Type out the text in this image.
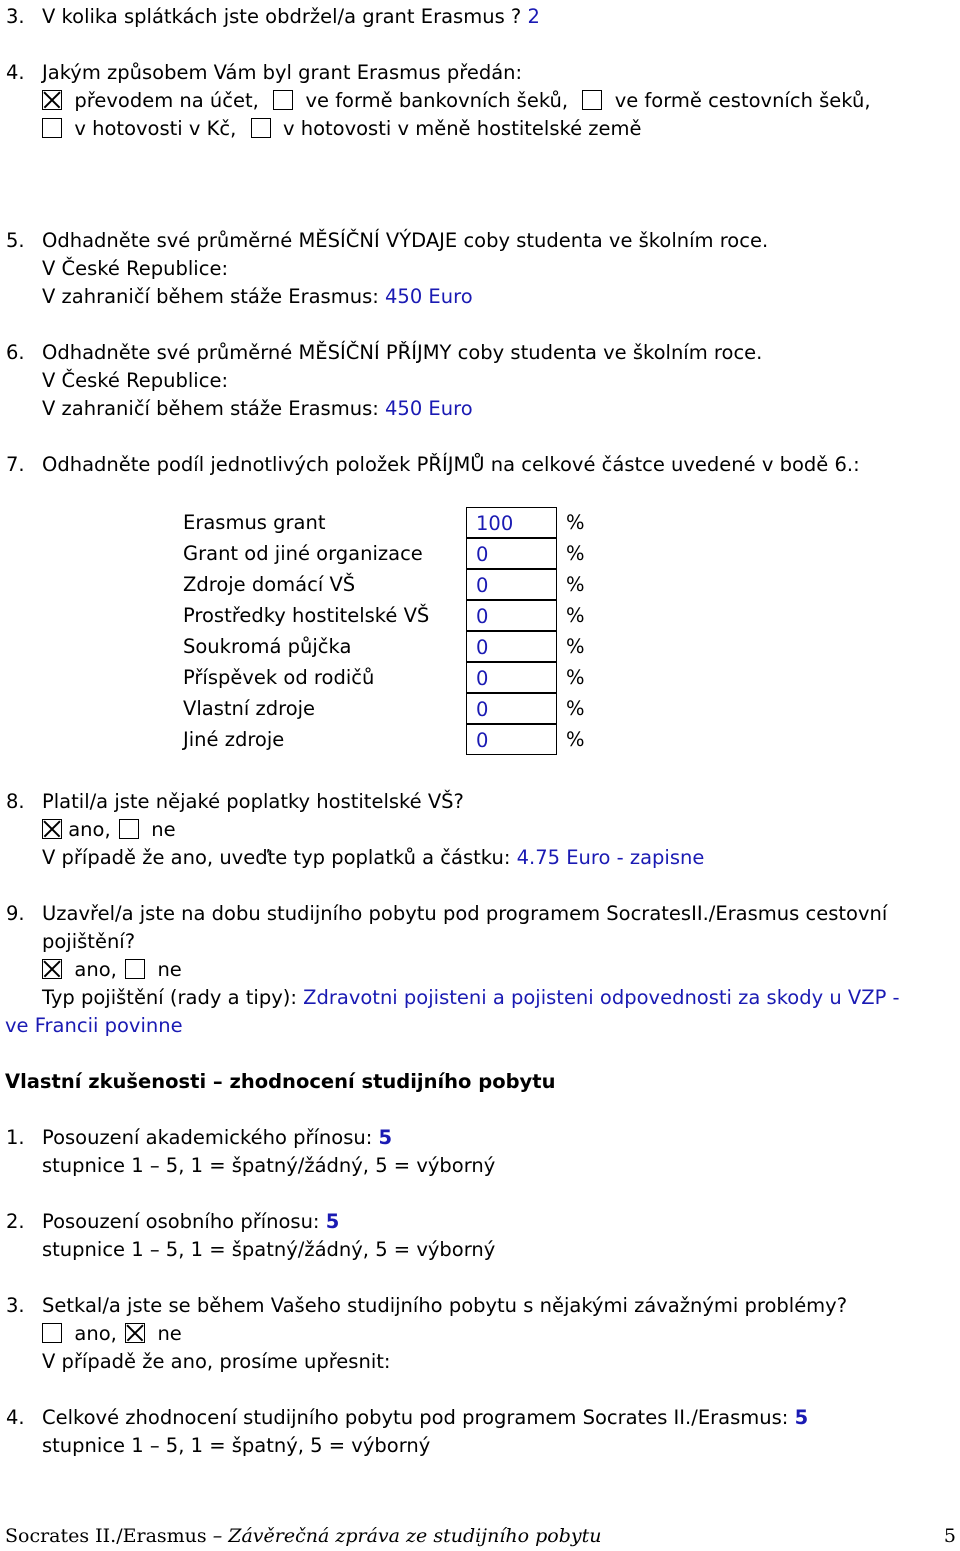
3. V kolika splátkách jste obdržel/a grant Erasmus ? 2
4. Jakým způsobem Vám byl grant Erasmus předán:
převodem na účet, ve formě bankovních šeků, ve formě cestovních šeků,
v hotovosti v Kč, v hotovosti v měně hostitelské země
5. Odhadněte své průměrné MĚSÍČNÍ VÝDAJE coby studenta ve školním roce.
V České Republice:
V zahraničí během stáže Erasmus: 450 Euro
6. Odhadněte své průměrné MĚSÍČNÍ PŘÍJMY coby studenta ve školním roce.
V České Republice:
V zahraničí během stáže Erasmus: 450 Euro
7. Odhadněte podíl jednotlivých položek PŘÍJMŮ na celkové částce uvedené v bodě 6.:
Erasmus grant	100	%
Grant od jiné organizace	0	%
Zdroje domácí VŠ	0	%
Prostředky hostitelské VŠ	0	%
Soukromá půjčka	0	%
Příspěvek od rodičů	0	%
Vlastní zdroje	0	%
Jiné zdroje	0	%
8. Platil/a jste nějaké poplatky hostitelské VŠ?
ano, ne
V případě že ano, uveďte typ poplatků a částku: 4.75 Euro - zapisne
9. Uzavřel/a jste na dobu studijního pobytu pod programem SocratesII./Erasmus cestovní
pojištění?
ano, ne
Typ pojištění (rady a tipy): Zdravotni pojisteni a pojisteni odpovednosti za skody u VZP -
ve Francii povinne
Vlastní zkušenosti – zhodnocení studijního pobytu
1. Posouzení akademického přínosu: 5
stupnice 1 – 5, 1 = špatný/žádný, 5 = výborný
2. Posouzení osobního přínosu: 5
stupnice 1 – 5, 1 = špatný/žádný, 5 = výborný
3. Setkal/a jste se během Vašeho studijního pobytu s nějakými závažnými problémy?
ano, ne
V případě že ano, prosíme upřesnit:
4. Celkové zhodnocení studijního pobytu pod programem Socrates II./Erasmus: 5
stupnice 1 – 5, 1 = špatný, 5 = výborný
Socrates II./Erasmus – Závěrečná zpráva ze studijního pobytu	5
